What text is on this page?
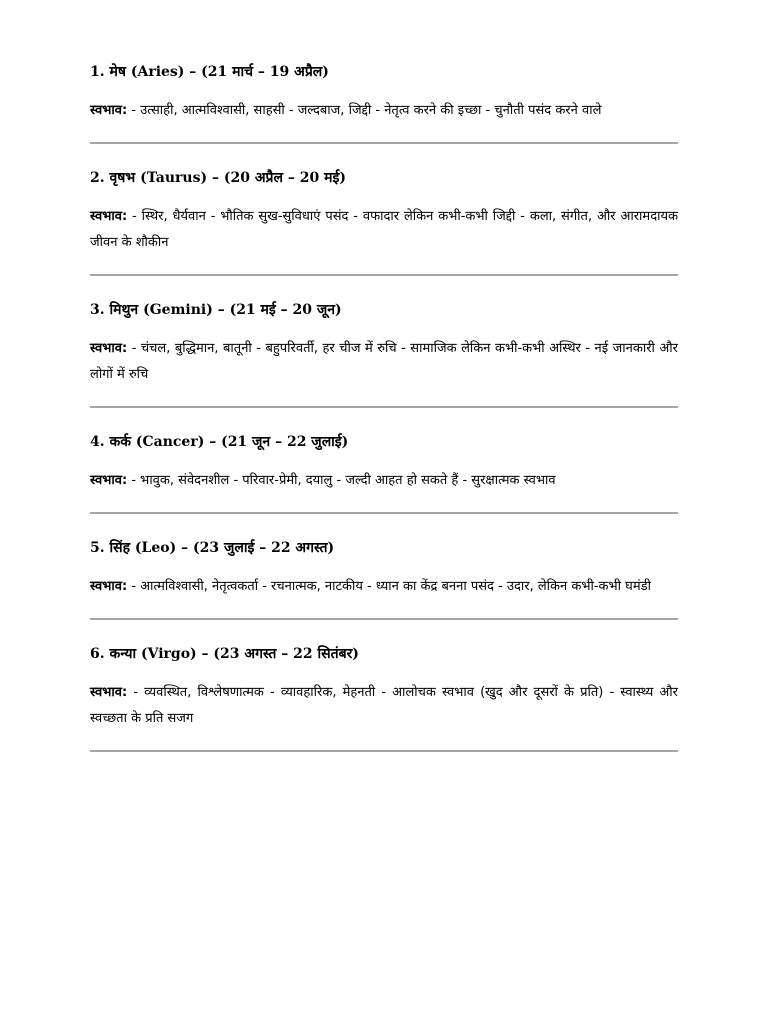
1. मेष (Aries) – (21 मार्च – 19 अप्रैल)

स्वभाव: - उत्साही, आत्मविश्वासी, साहसी - जल्दबाज, जिद्दी - नेतृत्व करने की इच्छा - चुनौती पसंद करने वाले

2. वृषभ (Taurus) – (20 अप्रैल – 20 मई)

स्वभाव: - स्थिर, धैर्यवान - भौतिक सुख-सुविधाएं पसंद - वफादार लेकिन कभी-कभी जिद्दी - कला, संगीत, और आरामदायक जीवन के शौकीन

3. मिथुन (Gemini) – (21 मई – 20 जून)

स्वभाव: - चंचल, बुद्धिमान, बातूनी - बहुपरिवर्ती, हर चीज में रुचि - सामाजिक लेकिन कभी-कभी अस्थिर - नई जानकारी और लोगों में रुचि

4. कर्क (Cancer) – (21 जून – 22 जुलाई)

स्वभाव: - भावुक, संवेदनशील - परिवार-प्रेमी, दयालु - जल्दी आहत हो सकते हैं - सुरक्षात्मक स्वभाव

5. सिंह (Leo) – (23 जुलाई – 22 अगस्त)

स्वभाव: - आत्मविश्वासी, नेतृत्वकर्ता - रचनात्मक, नाटकीय - ध्यान का केंद्र बनना पसंद - उदार, लेकिन कभी-कभी घमंडी

6. कन्या (Virgo) – (23 अगस्त – 22 सितंबर)

स्वभाव: - व्यवस्थित, विश्लेषणात्मक - व्यावहारिक, मेहनती - आलोचक स्वभाव (खुद और दूसरों के प्रति) - स्वास्थ्य और स्वच्छता के प्रति सजग
